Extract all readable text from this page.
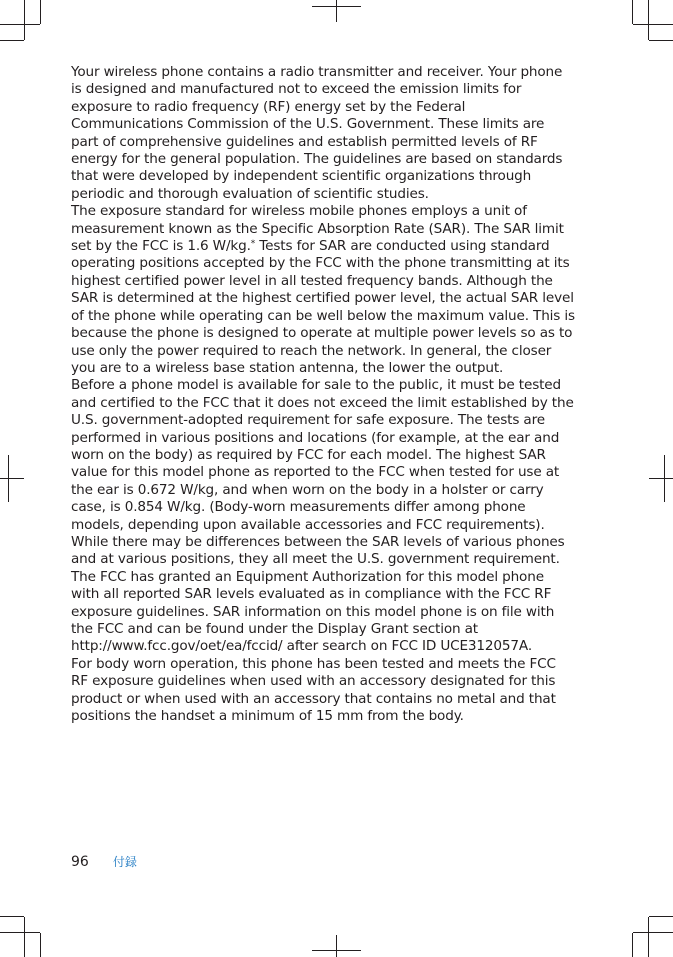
Your wireless phone contains a radio transmitter and receiver. Your phone is designed and manufactured not to exceed the emission limits for exposure to radio frequency (RF) energy set by the Federal Communications Commission of the U.S. Government. These limits are part of comprehensive guidelines and establish permitted levels of RF energy for the general population. The guidelines are based on standards that were developed by independent scientific organizations through periodic and thorough evaluation of scientific studies.

The exposure standard for wireless mobile phones employs a unit of measurement known as the Specific Absorption Rate (SAR). The SAR limit set by the FCC is 1.6 W/kg.* Tests for SAR are conducted using standard operating positions accepted by the FCC with the phone transmitting at its highest certified power level in all tested frequency bands. Although the SAR is determined at the highest certified power level, the actual SAR level of the phone while operating can be well below the maximum value. This is because the phone is designed to operate at multiple power levels so as to use only the power required to reach the network. In general, the closer you are to a wireless base station antenna, the lower the output.

Before a phone model is available for sale to the public, it must be tested and certified to the FCC that it does not exceed the limit established by the U.S. government-adopted requirement for safe exposure. The tests are performed in various positions and locations (for example, at the ear and worn on the body) as required by FCC for each model. The highest SAR value for this model phone as reported to the FCC when tested for use at the ear is 0.672 W/kg, and when worn on the body in a holster or carry case, is 0.854 W/kg. (Body-worn measurements differ among phone models, depending upon available accessories and FCC requirements). While there may be differences between the SAR levels of various phones and at various positions, they all meet the U.S. government requirement.

The FCC has granted an Equipment Authorization for this model phone with all reported SAR levels evaluated as in compliance with the FCC RF exposure guidelines. SAR information on this model phone is on file with the FCC and can be found under the Display Grant section at

http://www.fcc.gov/oet/ea/fccid/ after search on FCC ID UCE312057A.

For body worn operation, this phone has been tested and meets the FCC RF exposure guidelines when used with an accessory designated for this product or when used with an accessory that contains no metal and that positions the handset a minimum of 15 mm from the body.

96 付録
